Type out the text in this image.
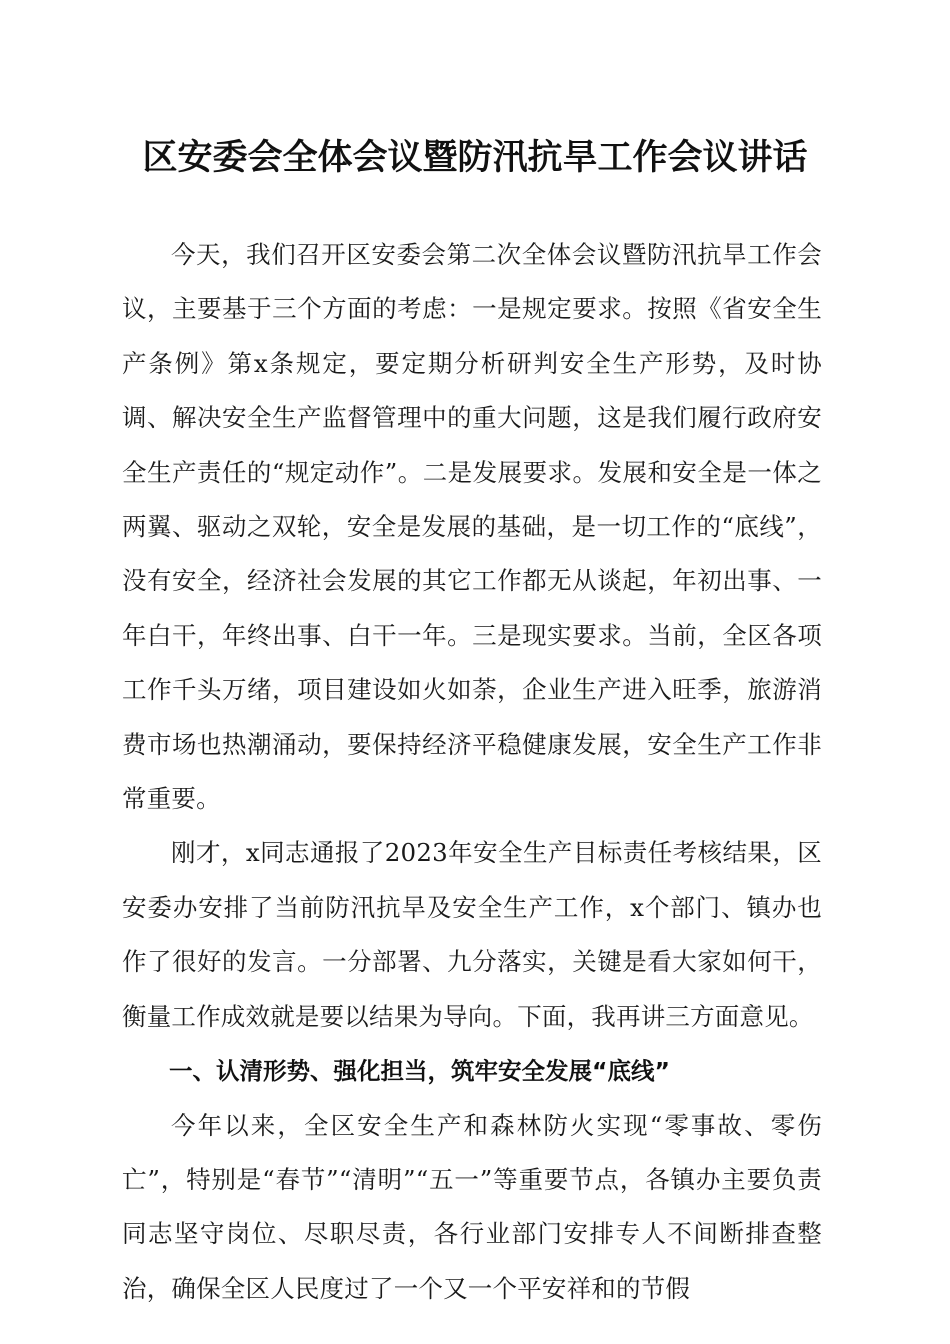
区安委会全体会议暨防汛抗旱工作会议讲话

今天，我们召开区安委会第二次全体会议暨防汛抗旱工作会议，主要基于三个方面的考虑：一是规定要求。按照《省安全生产条例》第x条规定，要定期分析研判安全生产形势，及时协调、解决安全生产监督管理中的重大问题，这是我们履行政府安全生产责任的“规定动作”。二是发展要求。发展和安全是一体之两翼、驱动之双轮，安全是发展的基础，是一切工作的“底线”，没有安全，经济社会发展的其它工作都无从谈起，年初出事、一年白干，年终出事、白干一年。三是现实要求。当前，全区各项工作千头万绪，项目建设如火如荼，企业生产进入旺季，旅游消费市场也热潮涌动，要保持经济平稳健康发展，安全生产工作非常重要。

刚才，x同志通报了2023年安全生产目标责任考核结果，区安委办安排了当前防汛抗旱及安全生产工作，x个部门、镇办也作了很好的发言。一分部署、九分落实，关键是看大家如何干，衡量工作成效就是要以结果为导向。下面，我再讲三方面意见。

一、认清形势、强化担当，筑牢安全发展“底线”

今年以来，全区安全生产和森林防火实现“零事故、零伤亡”，特别是“春节”“清明”“五一”等重要节点，各镇办主要负责同志坚守岗位、尽职尽责，各行业部门安排专人不间断排查整治，确保全区人民度过了一个又一个平安祥和的节假
